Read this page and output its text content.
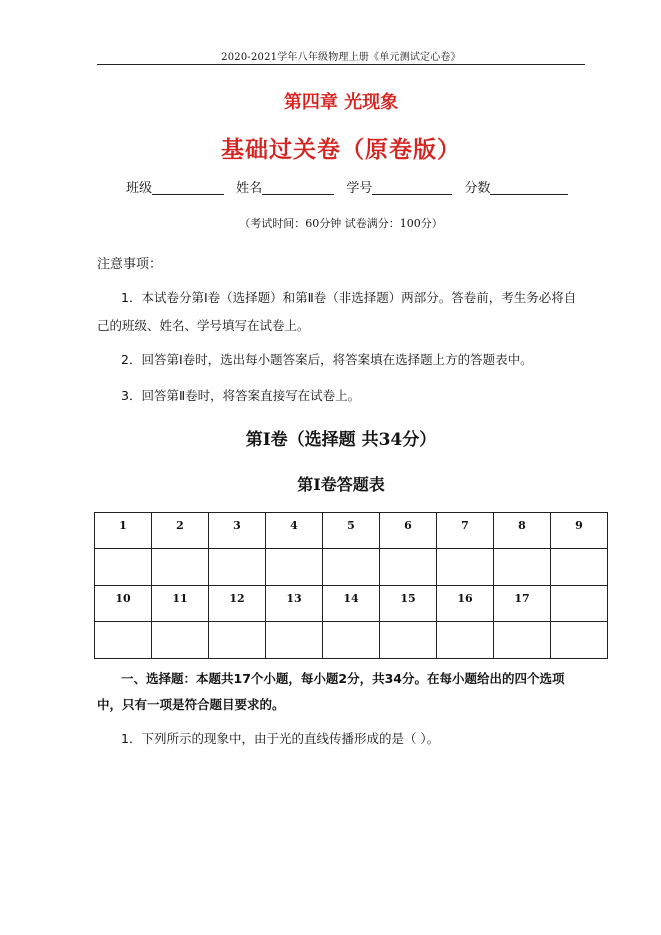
2020-2021学年八年级物理上册《单元测试定心卷》
第四章 光现象
基础过关卷（原卷版）
班级	姓名	学号	分数
（考试时间：60分钟 试卷满分：100分）
注意事项：
1．本试卷分第Ⅰ卷（选择题）和第Ⅱ卷（非选择题）两部分。答卷前，考生务必将自己的班级、姓名、学号填写在试卷上。
2．回答第Ⅰ卷时，选出每小题答案后，将答案填在选择题上方的答题表中。
3．回答第Ⅱ卷时，将答案直接写在试卷上。
第Ⅰ卷（选择题 共34分）
第Ⅰ卷答题表
1	2	3	4	5	6	7	8	9

10	11	12	13	14	15	16	17	

一、选择题：本题共17个小题，每小题2分，共34分。在每小题给出的四个选项中，只有一项是符合题目要求的。
1．下列所示的现象中，由于光的直线传播形成的是（ ）。
